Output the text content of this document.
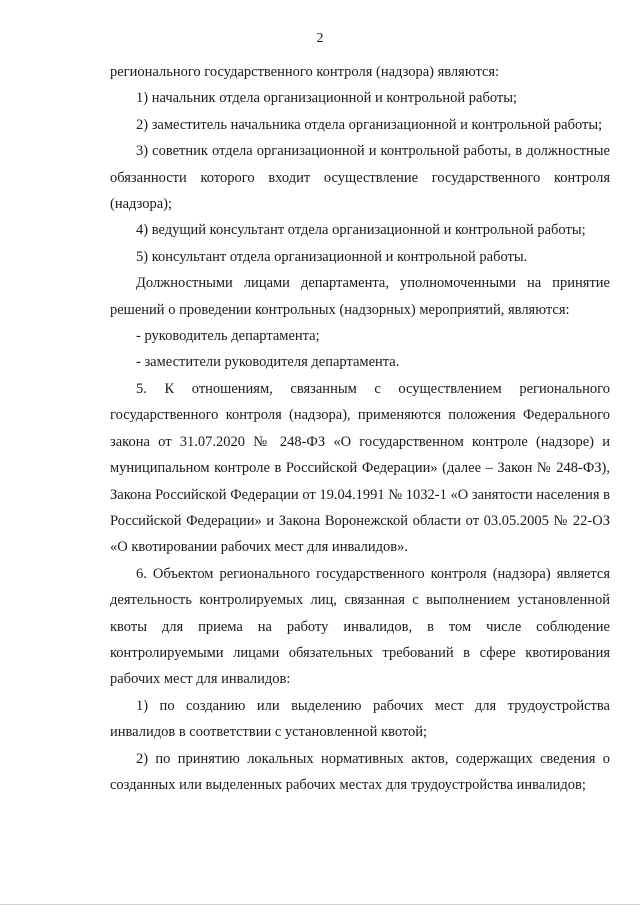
2

регионального государственного контроля (надзора) являются:

1) начальник отдела организационной и контрольной работы;

2) заместитель начальника отдела организационной и контрольной работы;

3) советник отдела организационной и контрольной работы, в должностные обязанности которого входит осуществление государственного контроля (надзора);

4) ведущий консультант отдела организационной и контрольной работы;

5) консультант отдела организационной и контрольной работы.

Должностными лицами департамента, уполномоченными на принятие решений о проведении контрольных (надзорных) мероприятий, являются:

- руководитель департамента;

- заместители руководителя департамента.

5. К отношениям, связанным с осуществлением регионального государственного контроля (надзора), применяются положения Федерального закона от 31.07.2020 № 248-ФЗ «О государственном контроле (надзоре) и муниципальном контроле в Российской Федерации» (далее – Закон № 248-ФЗ), Закона Российской Федерации от 19.04.1991 № 1032-1 «О занятости населения в Российской Федерации» и Закона Воронежской области от 03.05.2005 № 22-ОЗ «О квотировании рабочих мест для инвалидов».

6. Объектом регионального государственного контроля (надзора) является деятельность контролируемых лиц, связанная с выполнением установленной квоты для приема на работу инвалидов, в том числе соблюдение контролируемыми лицами обязательных требований в сфере квотирования рабочих мест для инвалидов:

1) по созданию или выделению рабочих мест для трудоустройства инвалидов в соответствии с установленной квотой;

2) по принятию локальных нормативных актов, содержащих сведения о созданных или выделенных рабочих местах для трудоустройства инвалидов;
